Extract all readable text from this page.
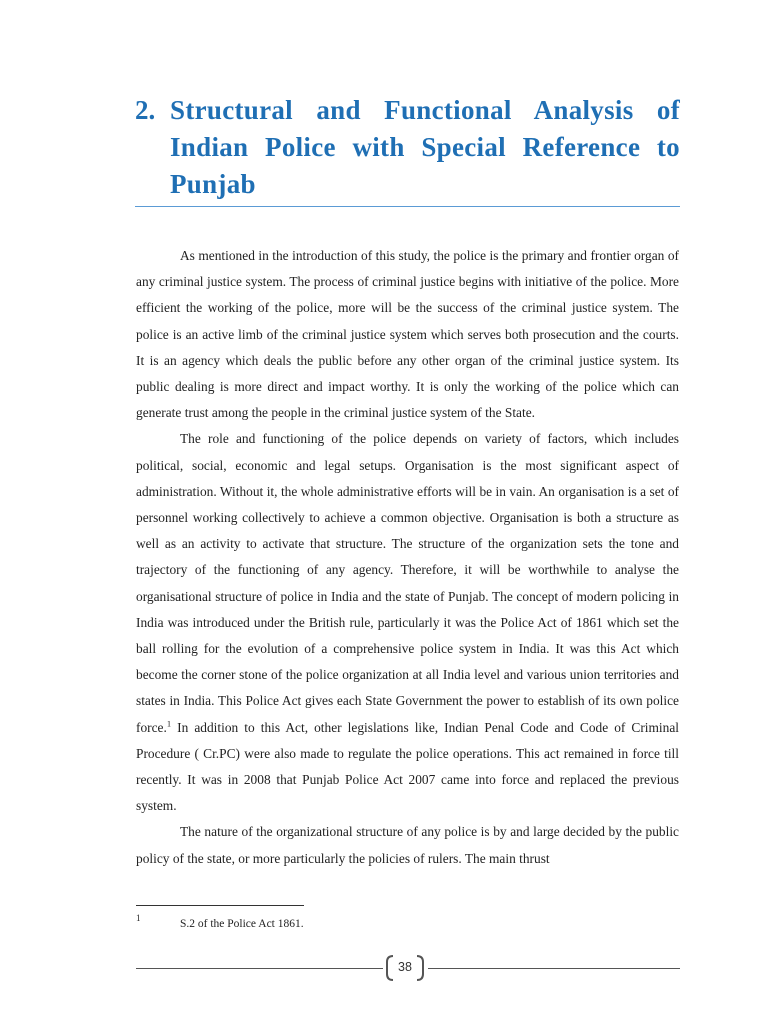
2. Structural and Functional Analysis of Indian Police with Special Reference to Punjab

As mentioned in the introduction of this study, the police is the primary and frontier organ of any criminal justice system. The process of criminal justice begins with initiative of the police. More efficient the working of the police, more will be the success of the criminal justice system. The police is an active limb of the criminal justice system which serves both prosecution and the courts. It is an agency which deals the public before any other organ of the criminal justice system. Its public dealing is more direct and impact worthy. It is only the working of the police which can generate trust among the people in the criminal justice system of the State.

The role and functioning of the police depends on variety of factors, which includes political, social, economic and legal setups. Organisation is the most significant aspect of administration. Without it, the whole administrative efforts will be in vain. An organisation is a set of personnel working collectively to achieve a common objective. Organisation is both a structure as well as an activity to activate that structure. The structure of the organization sets the tone and trajectory of the functioning of any agency. Therefore, it will be worthwhile to analyse the organisational structure of police in India and the state of Punjab. The concept of modern policing in India was introduced under the British rule, particularly it was the Police Act of 1861 which set the ball rolling for the evolution of a comprehensive police system in India. It was this Act which become the corner stone of the police organization at all India level and various union territories and states in India. This Police Act gives each State Government the power to establish of its own police force.$^1$ In addition to this Act, other legislations like, Indian Penal Code and Code of Criminal Procedure ( Cr.PC) were also made to regulate the police operations. This act remained in force till recently. It was in 2008 that Punjab Police Act 2007 came into force and replaced the previous system.

The nature of the organizational structure of any police is by and large decided by the public policy of the state, or more particularly the policies of rulers. The main thrust

1	S.2 of the Police Act 1861.
38
